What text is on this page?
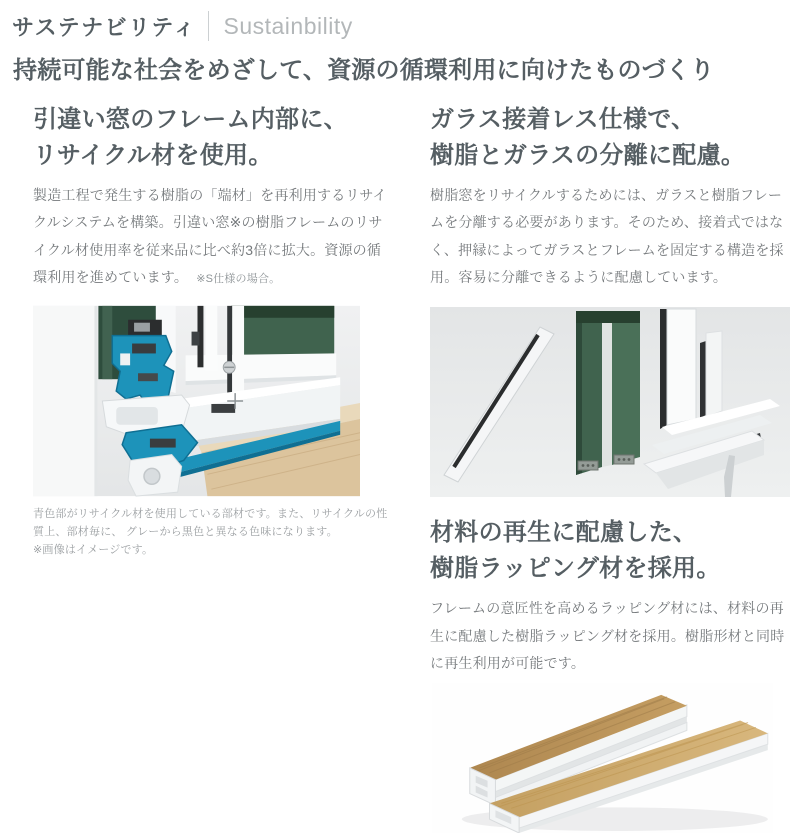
サステナビリティ Sustainbility
持続可能な社会をめざして、資源の循環利用に向けたものづくり
引違い窓のフレーム内部に、
リサイクル材を使用。

製造工程で発生する樹脂の「端材」を再利用するリサイクルシステムを構築。引違い窓※の樹脂フレームのリサイクル材使用率を従来品に比べ約3倍に拡大。資源の循環利用を進めています。 ※S仕様の場合。

青色部がリサイクル材を使用している部材です。また、リサイクルの性質上、部材毎に、 グレーから黒色と異なる色味になります。
※画像はイメージです。

ガラス接着レス仕様で、
樹脂とガラスの分離に配慮。

樹脂窓をリサイクルするためには、ガラスと樹脂フレームを分離する必要があります。そのため、接着式ではなく、押縁によってガラスとフレームを固定する構造を採用。容易に分離できるように配慮しています。

材料の再生に配慮した、
樹脂ラッピング材を採用。

フレームの意匠性を高めるラッピング材には、材料の再生に配慮した樹脂ラッピング材を採用。樹脂形材と同時に再生利用が可能です。
